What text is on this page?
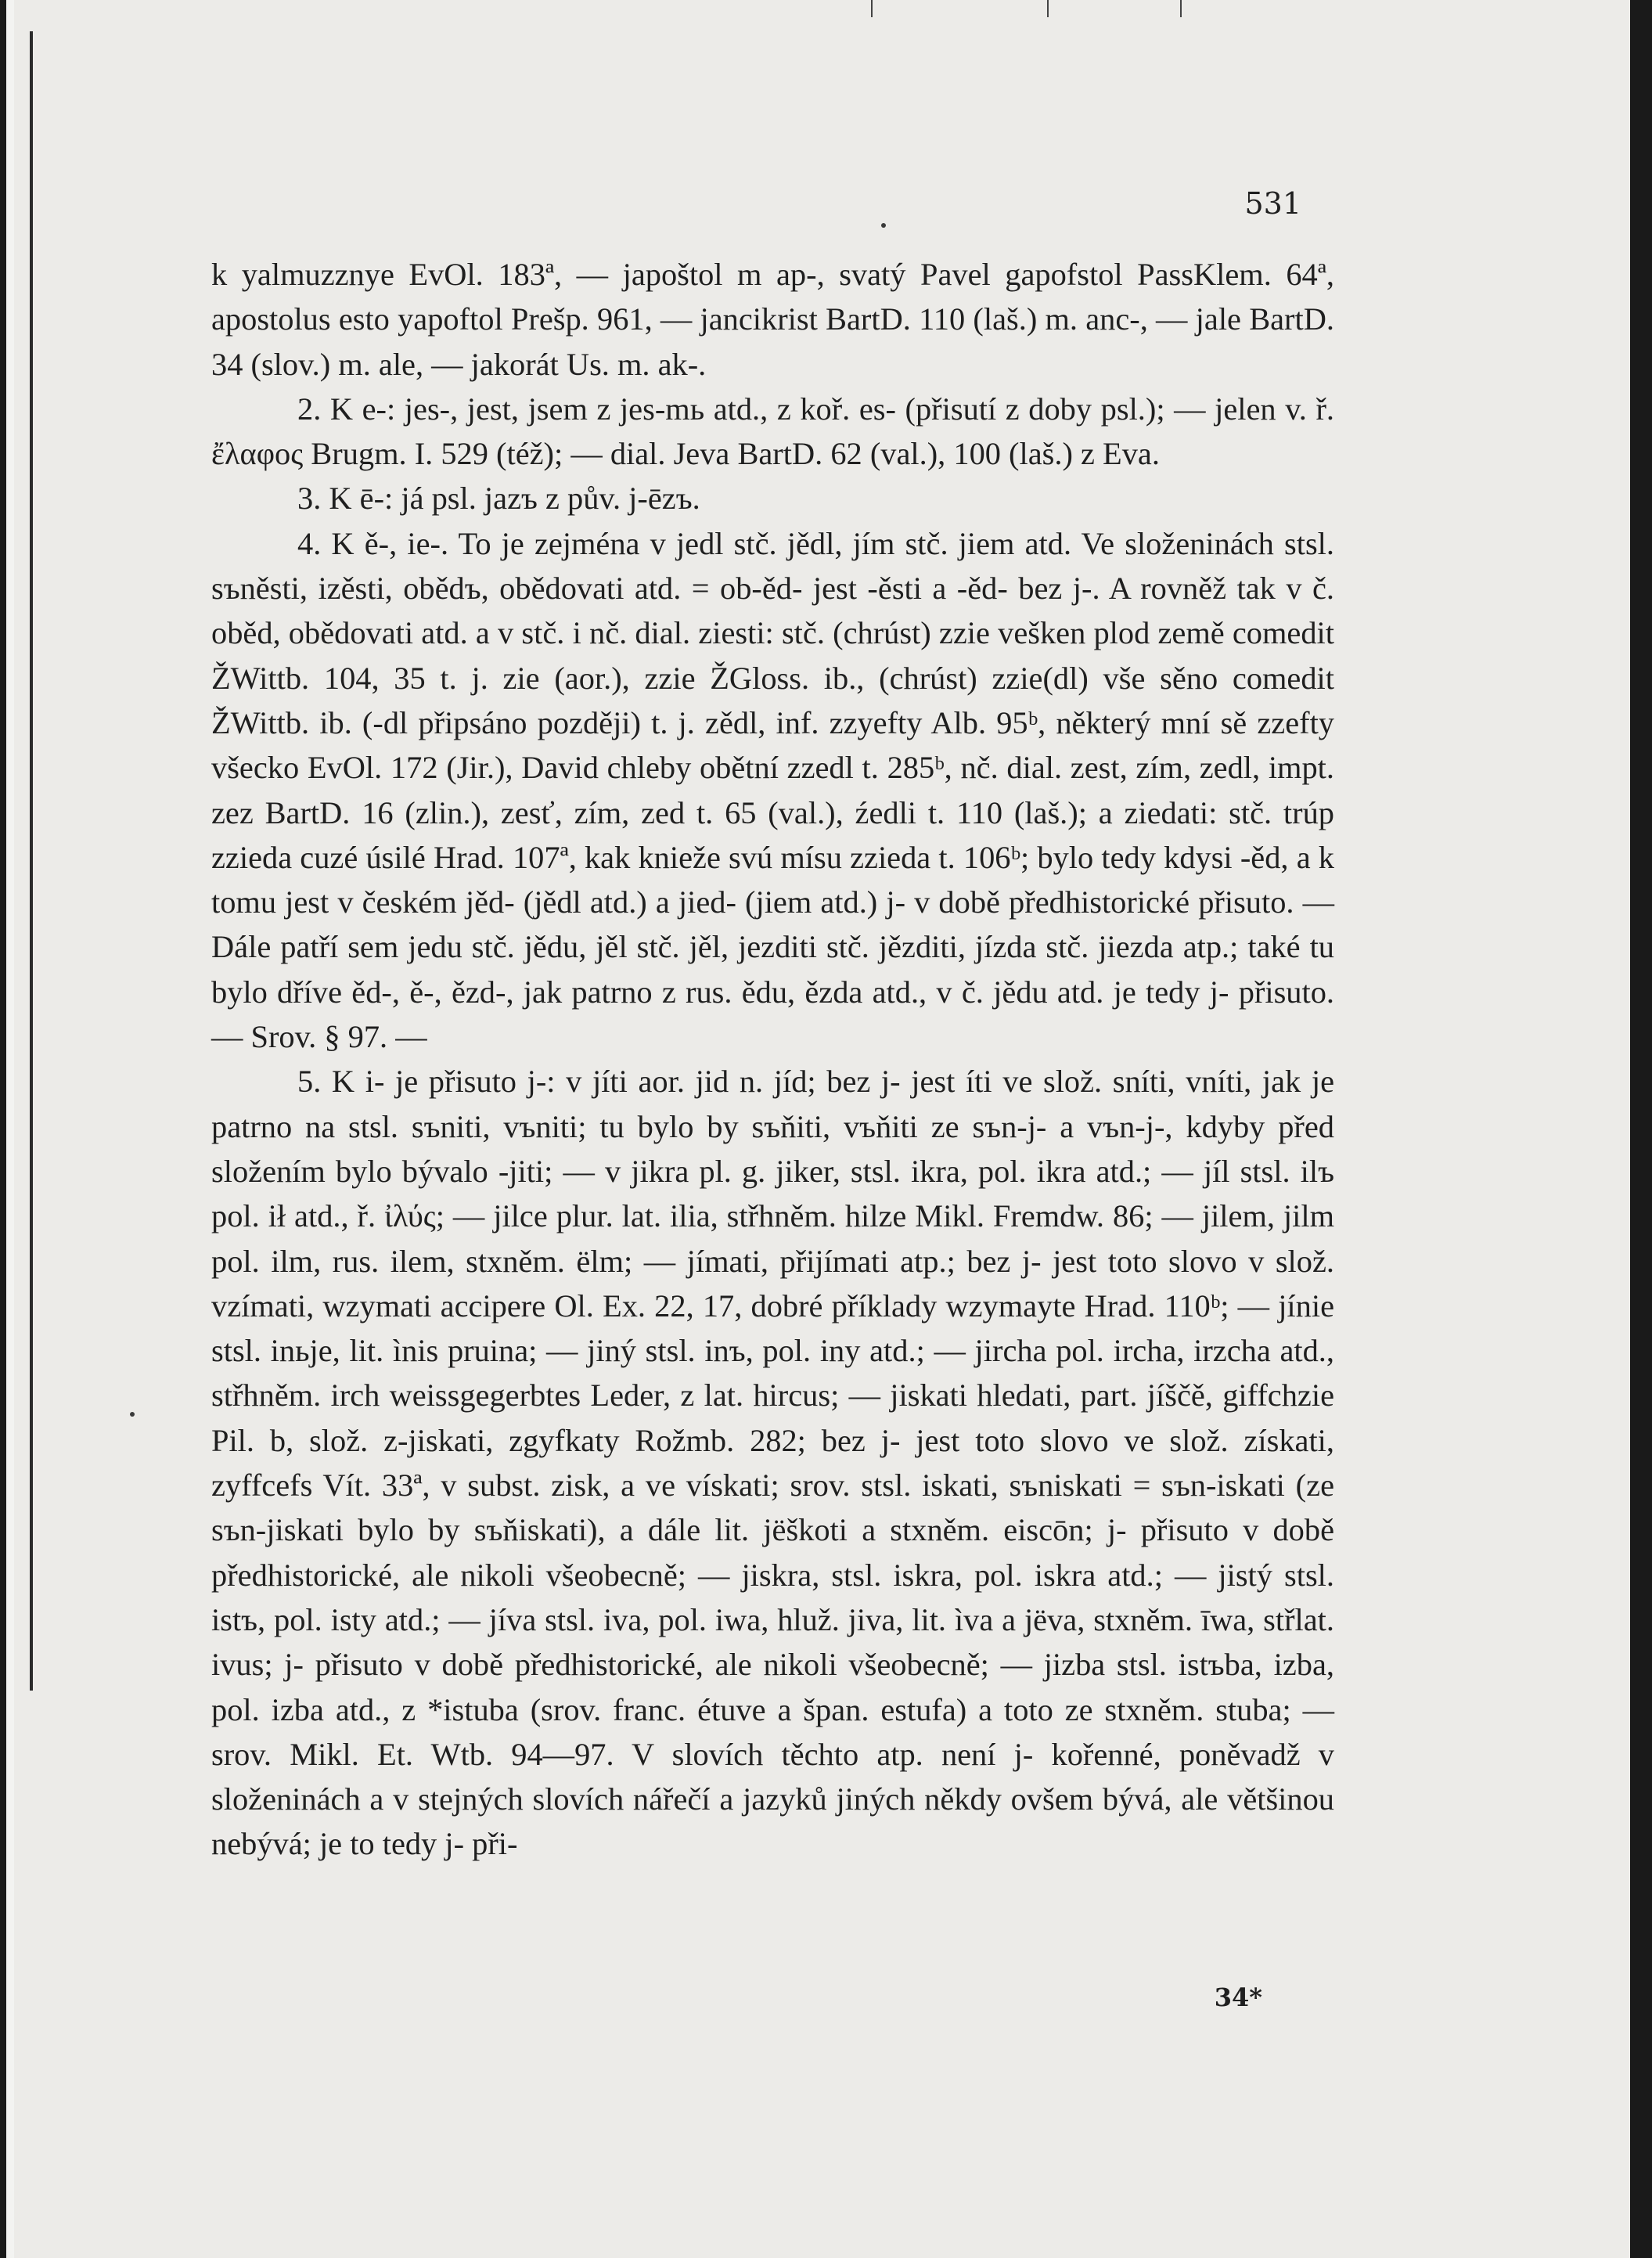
531

k yalmuzznye EvOl. 183ª, — japoštol m ap-, svatý Pavel gapofstol PassKlem. 64ª, apostolus esto yapoftol Prešp. 961, — jancikrist BartD. 110 (laš.) m. anc-, — jale BartD. 34 (slov.) m. ale, — jakorát Us. m. ak-.

2. K e-: jes-, jest, jsem z jes-mь atd., z koř. es- (přisutí z doby psl.); — jelen v. ř. ἔλαφος Brugm. I. 529 (též); — dial. Jeva BartD. 62 (val.), 100 (laš.) z Eva.

3. K ē-: já psl. jazъ z pův. j-ēzъ.

4. K ě-, ie-. To je zejména v jedl stč. jědl, jím stč. jiem atd. Ve složeninách stsl. sъněsti, izěsti, obědъ, obědovati atd. = ob-ěd- jest -ěsti a -ěd- bez j-. A rovněž tak v č. oběd, obědovati atd. a v stč. i nč. dial. ziesti: stč. (chrúst) zzie vešken plod země comedit ŽWittb. 104, 35 t. j. zie (aor.), zzie ŽGloss. ib., (chrúst) zzie(dl) vše sěno comedit ŽWittb. ib. (-dl připsáno později) t. j. zědl, inf. zzyefty Alb. 95ᵇ, některý mní sě zzefty všecko EvOl. 172 (Jir.), David chleby obětní zzedl t. 285ᵇ, nč. dial. zest, zím, zedl, impt. zez BartD. 16 (zlin.), zesť, zím, zed t. 65 (val.), źedli t. 110 (laš.); a ziedati: stč. trúp zzieda cuzé úsilé Hrad. 107ª, kak knieže svú mísu zzieda t. 106ᵇ; bylo tedy kdysi -ěd, a k tomu jest v českém jěd- (jědl atd.) a jied- (jiem atd.) j- v době předhistorické přisuto. — Dále patří sem jedu stč. jědu, jěl stč. jěl, jezditi stč. jězditi, jízda stč. jiezda atp.; také tu bylo dříve ěd-, ě-, ězd-, jak patrno z rus. ědu, ězda atd., v č. jědu atd. je tedy j- přisuto. — Srov. § 97. —

5. K i- je přisuto j-: v jíti aor. jid n. jíd; bez j- jest íti ve slož. sníti, vníti, jak je patrno na stsl. sъniti, vъniti; tu bylo by sъňiti, vъňiti ze sъn-j- a vъn-j-, kdyby před složením bylo bývalo -jiti; — v jikra pl. g. jiker, stsl. ikra, pol. ikra atd.; — jíl stsl. ilъ pol. ił atd., ř. ἰλύς; — jilce plur. lat. ilia, střhněm. hilze Mikl. Fremdw. 86; — jilem, jilm pol. ilm, rus. ilem, stхněm. ëlm; — jímati, přijímati atp.; bez j- jest toto slovo v slož. vzímati, wzymati accipere Ol. Ex. 22, 17, dobré příklady wzymayte Hrad. 110ᵇ; — jínie stsl. inьje, lit. ìnis pruina; — jiný stsl. inъ, pol. iny atd.; — jircha pol. ircha, irzcha atd., střhněm. irch weissgegerbtes Leder, z lat. hircus; — jiskati hledati, part. jíščě, giffchzie Pil. b, slož. z-jiskati, zgyfkaty Rožmb. 282; bez j- jest toto slovo ve slož. získati, zyffcefs Vít. 33ª, v subst. zisk, a ve vískati; srov. stsl. iskati, sъniskati = sъn-iskati (ze sъn-jiskati bylo by sъňiskati), a dále lit. jëškoti a stхněm. eiscōn; j- přisuto v době předhistorické, ale nikoli všeobecně; — jiskra, stsl. iskra, pol. iskra atd.; — jistý stsl. istъ, pol. isty atd.; — jíva stsl. iva, pol. iwa, hluž. jiva, lit. ìva a jëva, stхněm. īwa, střlat. ivus; j- přisuto v době předhistorické, ale nikoli všeobecně; — jizba stsl. istъba, izba, pol. izba atd., z *istuba (srov. franc. étuve a špan. estufa) a toto ze stхněm. stuba; — srov. Mikl. Et. Wtb. 94—97. V slovích těchto atp. není j- kořenné, poněvadž v složeninách a v stejných slovích nářečí a jazyků jiných někdy ovšem bývá, ale většinou nebývá; je to tedy j- při-

34*
